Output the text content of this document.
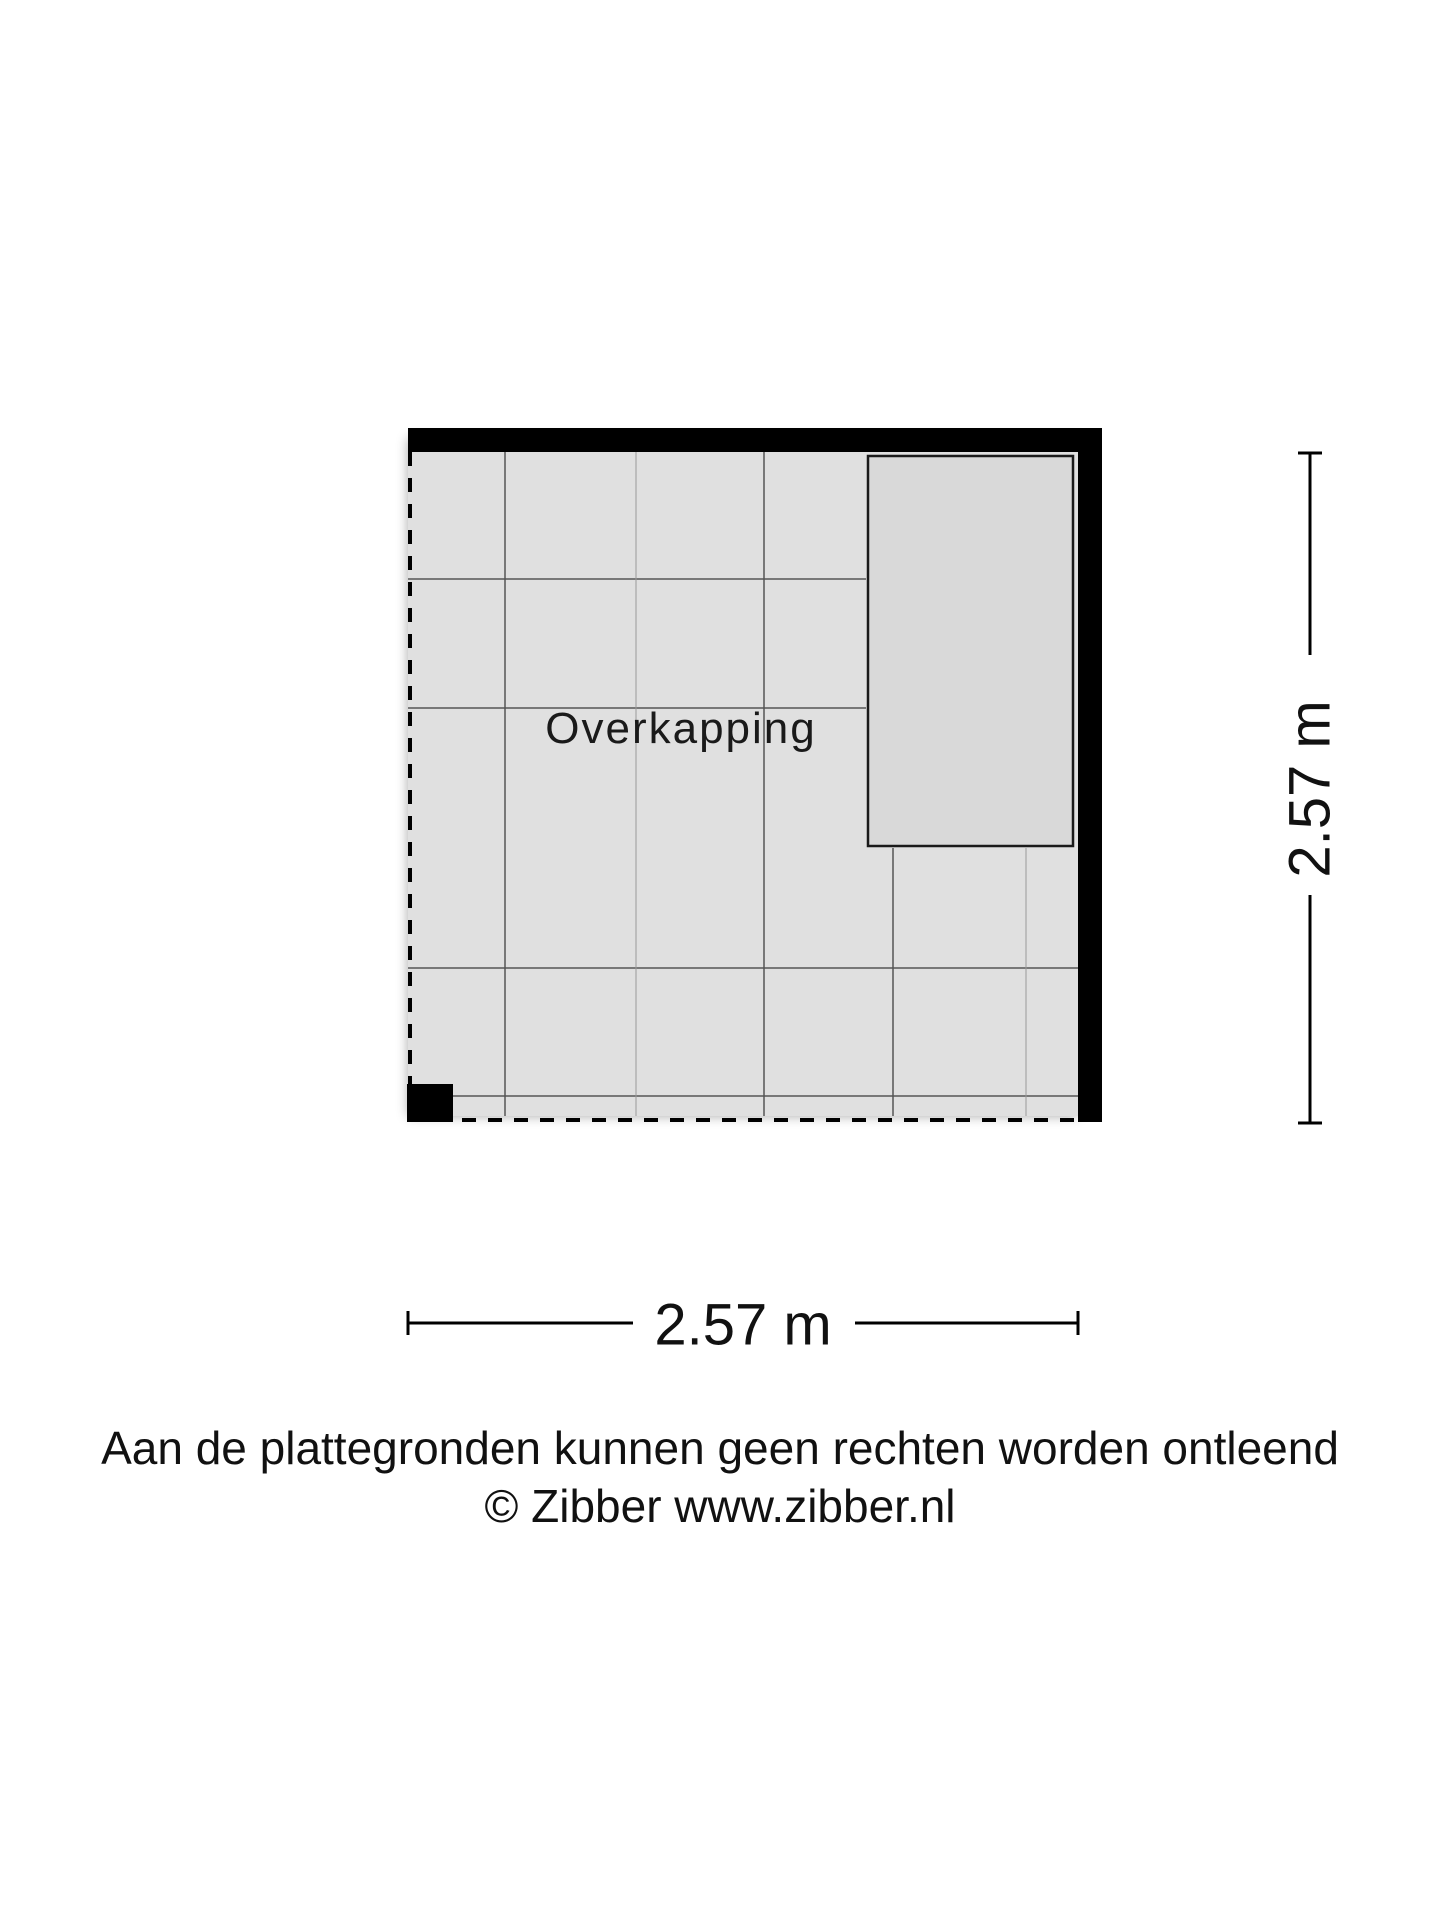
Overkapping	2.57 m
2.57 m

Aan de plattegronden kunnen geen rechten worden ontleend

© Zibber www.zibber.nl
